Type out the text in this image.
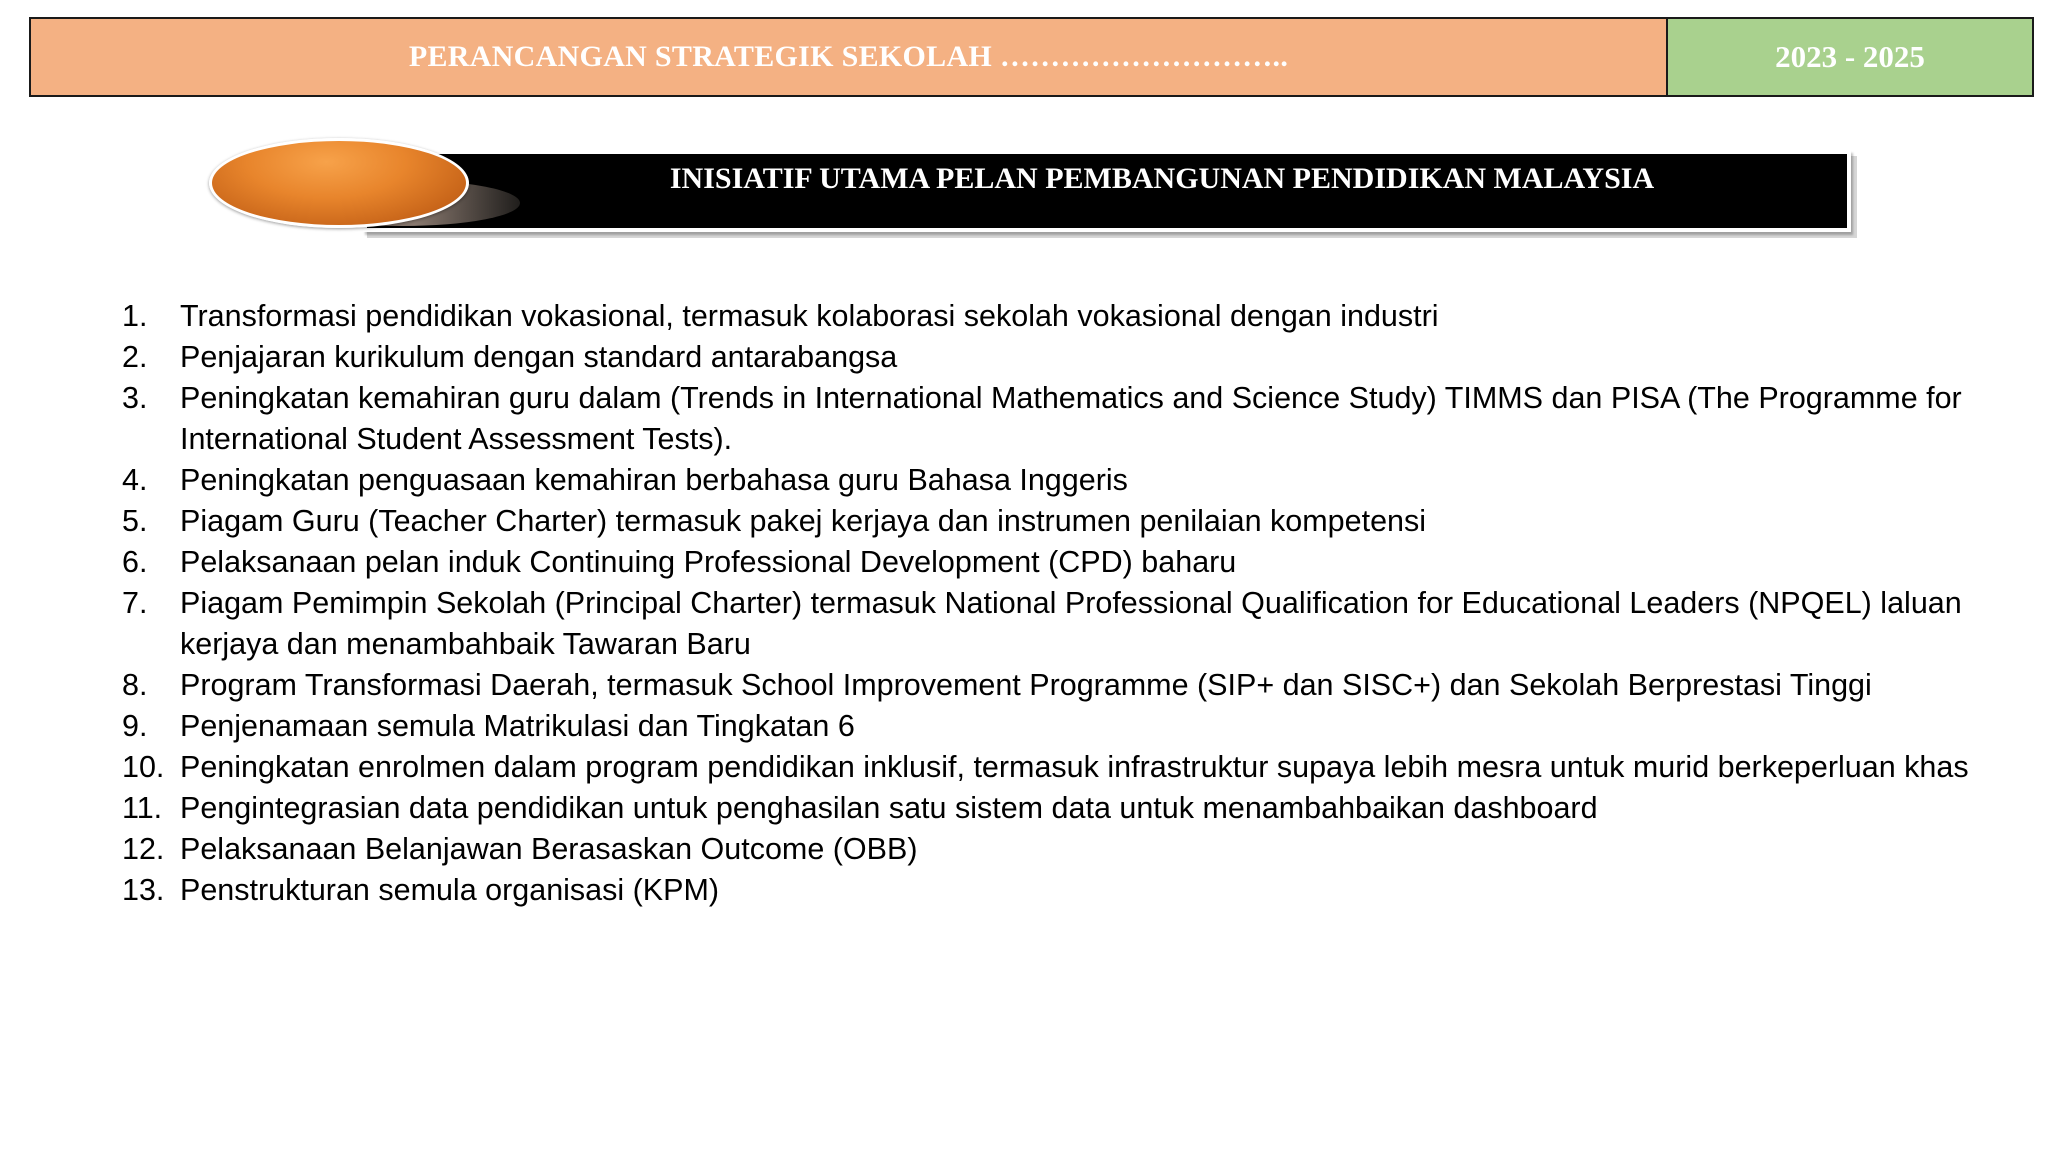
PERANCANGAN STRATEGIK SEKOLAH ………………………..	2023 - 2025
INISIATIF UTAMA PELAN PEMBANGUNAN PENDIDIKAN MALAYSIA
1.	Transformasi pendidikan vokasional, termasuk kolaborasi sekolah vokasional dengan industri
2.	Penjajaran kurikulum dengan standard antarabangsa
3.	Peningkatan kemahiran guru dalam (Trends in International Mathematics and Science Study) TIMMS dan PISA (The Programme for International Student Assessment Tests).
4.	Peningkatan penguasaan kemahiran berbahasa guru Bahasa Inggeris
5.	Piagam Guru (Teacher Charter) termasuk pakej kerjaya dan instrumen penilaian kompetensi
6.	Pelaksanaan pelan induk Continuing Professional Development (CPD) baharu
7.	Piagam Pemimpin Sekolah (Principal Charter) termasuk National Professional Qualification for Educational Leaders (NPQEL) laluan kerjaya dan menambahbaik Tawaran Baru
8.	Program Transformasi Daerah, termasuk School Improvement Programme (SIP+ dan SISC+) dan Sekolah Berprestasi Tinggi
9.	Penjenamaan semula Matrikulasi dan Tingkatan 6
10. Peningkatan enrolmen dalam program pendidikan inklusif, termasuk infrastruktur supaya lebih mesra untuk murid berkeperluan khas
11. Pengintegrasian data pendidikan untuk penghasilan satu sistem data untuk menambahbaikan dashboard
12. Pelaksanaan Belanjawan Berasaskan Outcome (OBB)
13. Penstrukturan semula organisasi (KPM)
